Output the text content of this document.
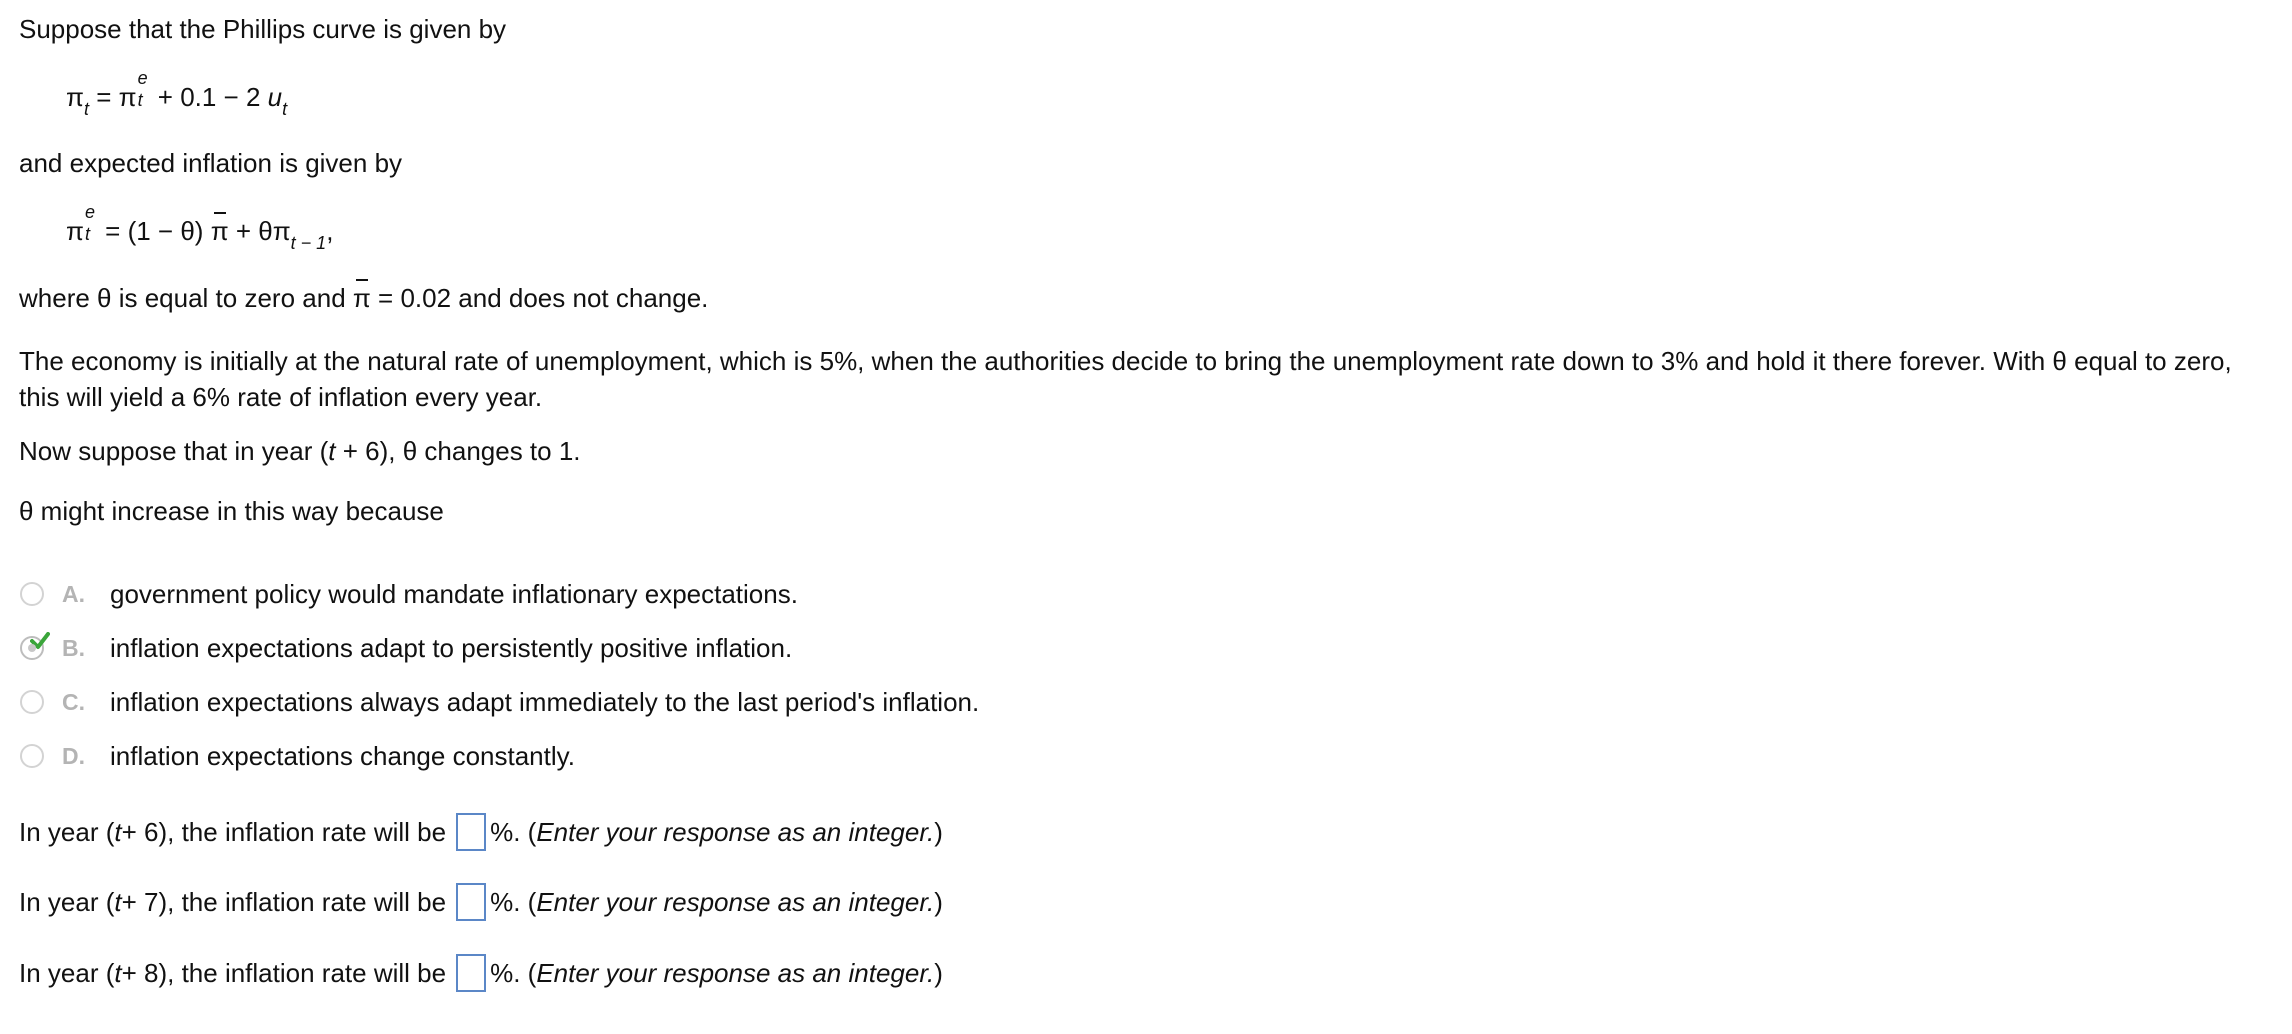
Suppose that the Phillips curve is given by
$\pi_t = \pi$
e
t + 0.1 − 2 $u_t$
and expected inflation is given by
π
e
t = (1 − θ) $\pi + \theta\pi_{t - 1}$,
where θ is equal to zero and π = 0.02 and does not change.
The economy is initially at the natural rate of unemployment, which is 5%, when the authorities decide to bring the unemployment rate down to 3% and hold it there forever. With θ equal to zero, this will yield a 6% rate of inflation every year.
Now suppose that in year (t + 6), θ changes to 1.
θ might increase in this way because
A. government policy would mandate inflationary expectations.
B. inflation expectations adapt to persistently positive inflation.
C. inflation expectations always adapt immediately to the last period's inflation.
D. inflation expectations change constantly.
In year ( t + 6), the inflation rate will be %. ( Enter your response as an integer. )
In year ( t + 7), the inflation rate will be %. ( Enter your response as an integer. )
In year ( t + 8), the inflation rate will be %. ( Enter your response as an integer. )
